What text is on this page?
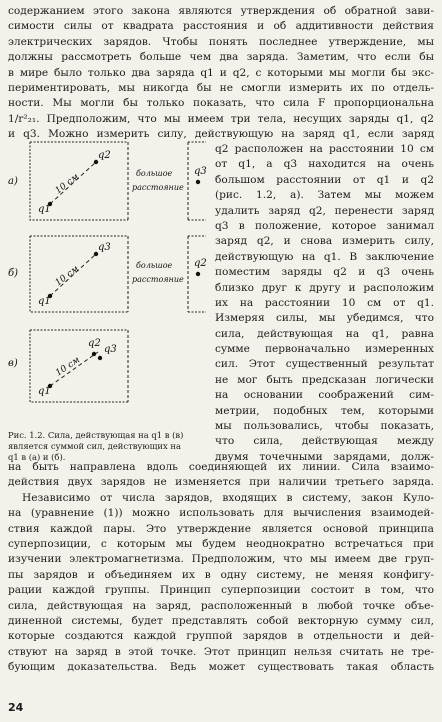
содержанием этого закона являются утверждения об обратной зави-
симости силы от квадрата расстояния и об аддитивности действия
электрических зарядов. Чтобы понять последнее утверждение, мы
должны рассмотреть больше чем два заряда. Заметим, что если бы
в мире было только два заряда q1 и q2, с которыми мы могли бы экс-
периментировать, мы никогда бы не смогли измерить их по отдель-
ности. Мы могли бы только показать, что сила F пропорциональна
1/r²₂₁. Предположим, что мы имеем три тела, несущих заряды q1, q2
и q3. Можно измерить силу, действующую на заряд q1, если заряд
q2 расположен на расстоянии 10 см
от q1, а q3 находится на очень
большом расстоянии от q1 и q2
(рис. 1.2, а). Затем мы можем
удалить заряд q2, перенести заряд
q3 в положение, которое занимал
заряд q2, и снова измерить силу,
действующую на q1. В заключение
поместим заряды q2 и q3 очень
близко друг к другу и расположим
их на расстоянии 10 см от q1.
Измеряя силы, мы убедимся, что
сила, действующая на q1, равна
сумме первоначально измеренных
сил. Этот существенный результат
не мог быть предсказан логически
на основании соображений сим-
метрии, подобных тем, которыми
мы пользовались, чтобы показать,
что сила, действующая между
двумя точечными зарядами, долж-
а)
б)
в)
q1
q2
q3
10 см	большое
расстояние
q1
q3
q2
10 см	большое
расстояние
q1
q2
q3
10 см
Рис. 1.2. Сила, действующая на q1 в (в)
является суммой сил, действующих на
q1 в (а) и (б).
на быть направлена вдоль соединяющей их линии. Сила взаимо-
действия двух зарядов не изменяется при наличии третьего заряда.
Независимо от числа зарядов, входящих в систему, закон Куло-
на (уравнение (1)) можно использовать для вычисления взаимодей-
ствия каждой пары. Это утверждение является основой принципа
суперпозиции, с которым мы будем неоднократно встречаться при
изучении электромагнетизма. Предположим, что мы имеем две груп-
пы зарядов и объединяем их в одну систему, не меняя конфигу-
рации каждой группы. Принцип суперпозиции состоит в том, что
сила, действующая на заряд, расположенный в любой точке объе-
диненной системы, будет представлять собой векторную сумму сил,
которые создаются каждой группой зарядов в отдельности и дей-
ствуют на заряд в этой точке. Этот принцип нельзя считать не тре-
бующим доказательства. Ведь может существовать такая область
24
